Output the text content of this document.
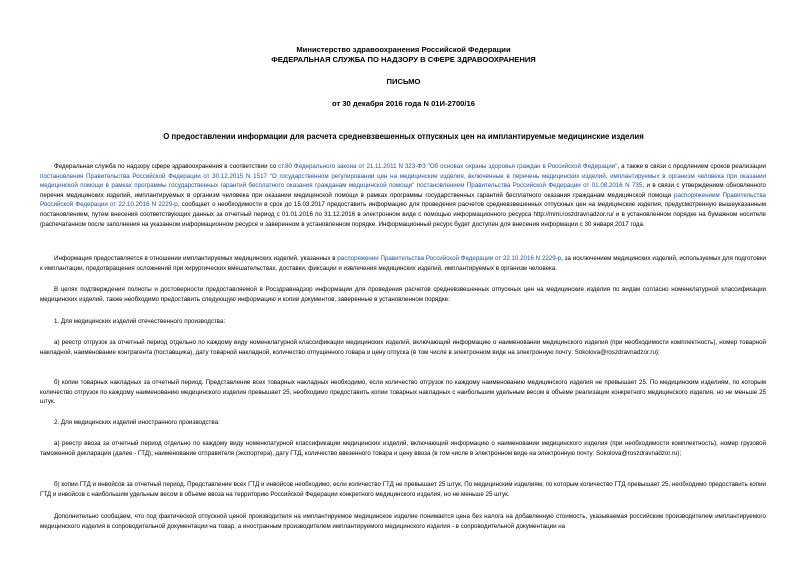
Министерство здравоохранения Российской Федерации
ФЕДЕРАЛЬНАЯ СЛУЖБА ПО НАДЗОРУ В СФЕРЕ ЗДРАВООХРАНЕНИЯ
ПИСЬМО
от 30 декабря 2016 года N 01И-2700/16
О предоставлении информации для расчета средневзвешенных отпускных цен на имплантируемые медицинские изделия
Федеральная служба по надзору сфере здравоохранения в соответствии со ст.80 Федерального закона от 21.11.2011 N 323-ФЗ "Об основах охраны здоровья граждан в Российской Федерации", а также в связи с продлением сроков реализации постановления Правительства Российской Федерации от 30.12.2015 N 1517 "О государственном регулировании цен на медицинские изделия, включенные в перечень медицинских изделий, имплантируемых в организм человека при оказании медицинской помощи в рамках программы государственных гарантий бесплатного оказания гражданам медицинской помощи" постановлением Правительства Российской Федерации от 01.08.2016 N 735, и в связи с утверждением обновленного перечня медицинских изделий, имплантируемых в организм человека при оказании медицинской помощи в рамках программы государственных гарантий бесплатного оказания гражданам медицинской помощи распоряжением Правительства Российской Федерации от 22.10.2016 N 2229-р, сообщает о необходимости в срок до 15.03.2017 предоставить информацию для проведения расчетов средневзвешенных отпускных цен на медицинские изделия, предусмотренную вышеуказанным постановлением, путем внесения соответствующих данных за отчетный период с 01.01.2016 по 31.12.2016 в электронном виде с помощью информационного ресурса http://mmi.roszdravnadzor.ru/ и в установленном порядке на бумажном носителе (распечатанном после заполнения на указанном информационном ресурсе и заверенном в установленном порядке. Информационный ресурс будет доступен для внесения информации с 30 января 2017 года.
Информация предоставляется в отношении имплантируемых медицинских изделий, указанных в распоряжении Правительства Российской Федерации от 22.10.2016 N 2229-р, за исключением медицинских изделий, используемых для подготовки к имплантации, предотвращения осложнений при хирургических вмешательствах, доставки, фиксации и извлечения медицинских изделий, имплантируемых в организм человека.
В целях подтверждения полноты и достоверности предоставляемой в Росздравнадзор информации для проведения расчетов средневзвешенных отпускных цен на медицинские изделия по видам согласно номенклатурной классификации медицинских изделий, также необходимо предоставить следующую информацию и копии документов, заверенные в установленном порядке:
1. Для медицинских изделий отечественного производства:
а) реестр отгрузок за отчетный период отдельно по каждому виду номенклатурной классификации медицинских изделий, включающий информацию о наименовании медицинского изделия (при необходимости комплектность), номер товарной накладной, наименование контрагента (поставщика), дату товарной накладной, количество отпущенного товара и цену отпуска (в том числе в электронном виде на электронную почту: Sokolova@roszdravnadzor.ru);
б) копии товарных накладных за отчетный период. Представление всех товарных накладных необходимо, если количество отгрузок по каждому наименованию медицинского изделия не превышает 25. По медицинским изделиям, по которым количество отгрузок по каждому наименованию медицинского изделия превышает 25, необходимо предоставить копии товарных накладных с наибольшим удельным весом в объеме реализации конкретного медицинского изделия, но не меньше 25 штук.
2. Для медицинских изделий иностранного производства:
а) реестр ввоза за отчетный период отдельно по каждому виду номенклатурной классификации медицинских изделий, включающий информацию о наименовании медицинского изделия (при необходимости комплектность), номер грузовой таможенной декларации (далее - ГТД), наименование отправителя (экспортера), дату ГТД, количество ввезенного товара и цену ввоза (в том числе в электронном виде на электронную почту: Sokolova@roszdravnadzor.ru);
б) копии ГТД и инвойсов за отчетный период. Представление всех ГТД и инвойсов необходимо, если количество ГТД не превышает 25 штук. По медицинским изделиям, по которым количество ГТД превышает 25, необходимо предоставить копии ГТД и инвойсов с наибольшим удельным весом в объеме ввоза на территорию Российской Федерации конкретного медицинского изделия, но не меньше 25 штук.
Дополнительно сообщаем, что под фактической отпускной ценой производителя на имплантируемое медицинское изделие понимается цена без налога на добавленную стоимость, указываемая российским производителем имплантируемого медицинского изделия в сопроводительной документации на товар, а иностранным производителем имплантируемого медицинского изделия - в сопроводительной документации на
